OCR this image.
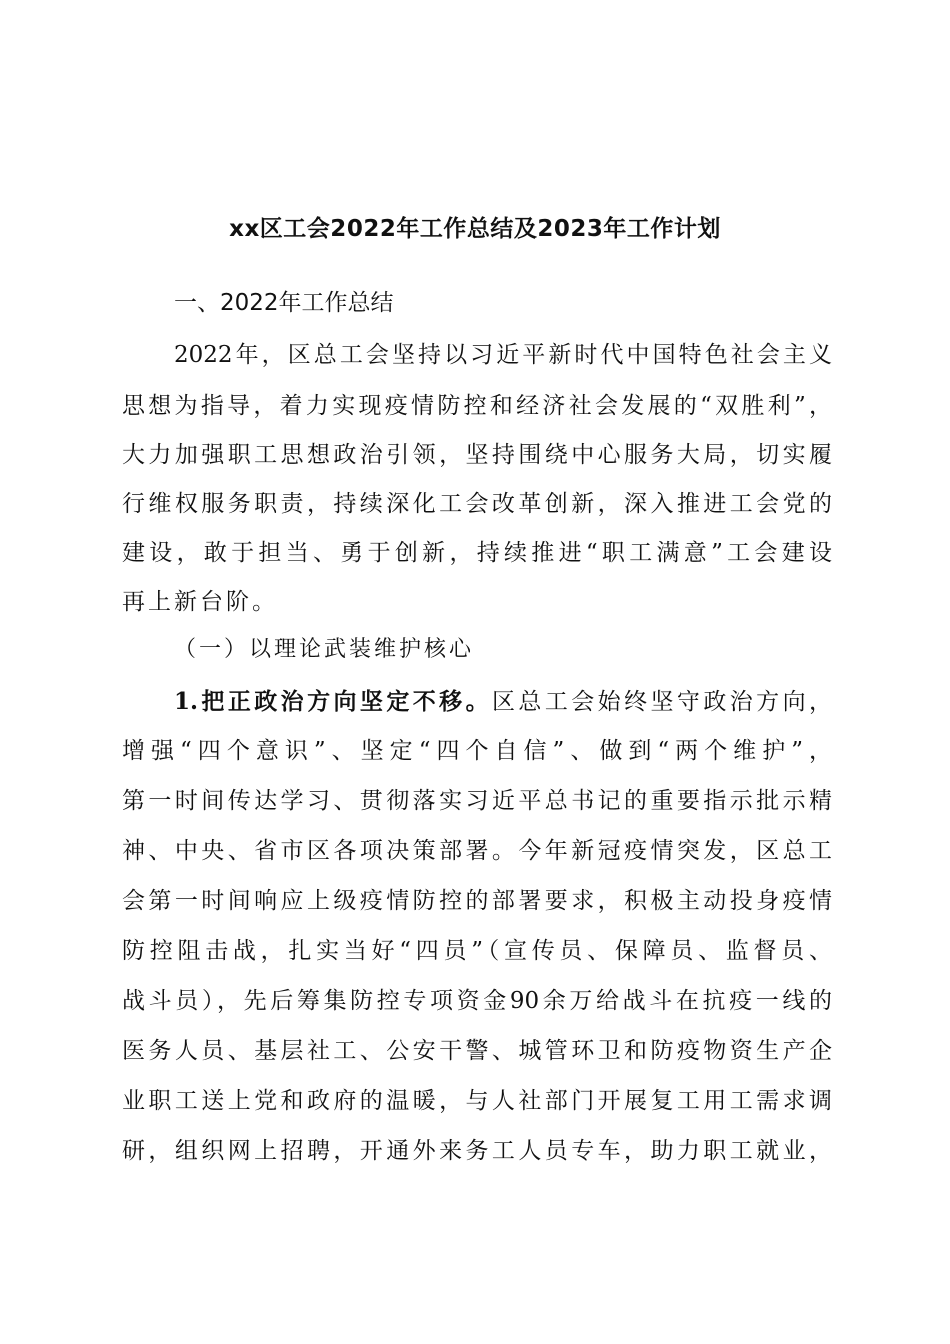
xx区工会2022年工作总结及2023年工作计划
一、2022年工作总结
2022年，区总工会坚持以习近平新时代中国特色社会主义
思想为指导，着力实现疫情防控和经济社会发展的“双胜利”，
大力加强职工思想政治引领，坚持围绕中心服务大局，切实履
行维权服务职责，持续深化工会改革创新，深入推进工会党的
建设，敢于担当、勇于创新，持续推进“职工满意”工会建设
再上新台阶。
（一）以理论武装维护核心
1.把正政治方向坚定不移。区总工会始终坚守政治方向，
增强“四个意识”、坚定“四个自信”、做到“两个维护”，
第一时间传达学习、贯彻落实习近平总书记的重要指示批示精
神、中央、省市区各项决策部署。今年新冠疫情突发，区总工
会第一时间响应上级疫情防控的部署要求，积极主动投身疫情
防控阻击战，扎实当好“四员”（宣传员、保障员、监督员、
战斗员），先后筹集防控专项资金90余万给战斗在抗疫一线的
医务人员、基层社工、公安干警、城管环卫和防疫物资生产企
业职工送上党和政府的温暖，与人社部门开展复工用工需求调
研，组织网上招聘，开通外来务工人员专车，助力职工就业，
